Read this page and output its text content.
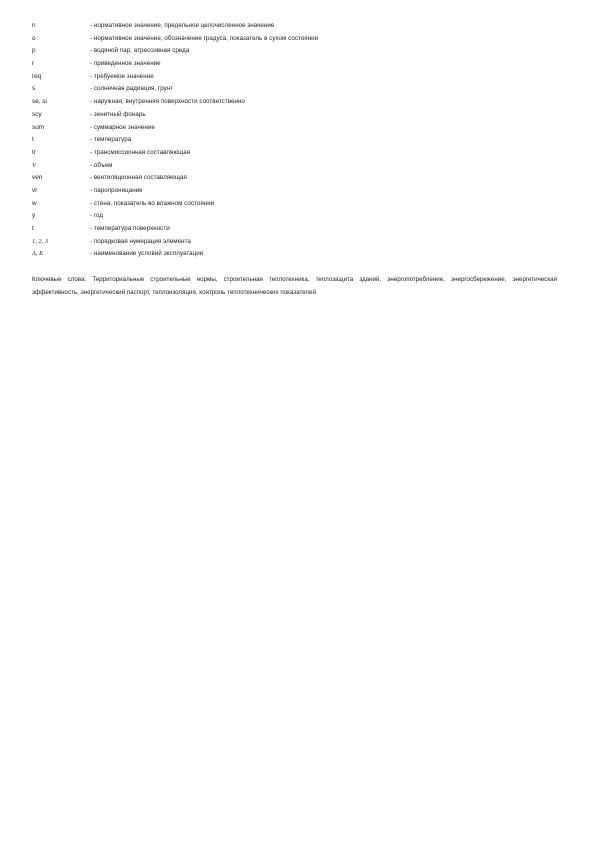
n	- нормативное значение, предельное целочисленное значение
o	- нормативное значение, обозначение градуса, показатель в сухом состоянии
p	- водяной пар, атрессивная среда
r	- приведенное значение
req	- требуемое значение
s	- солнечная радиация, грунт
se, si	- наружная, внутренняя поверхности соответственно
scy	- зенитный фонарь
sum	- суммарное значение
t	- температура
tr	- трансмиссионная составляющая
V	- объем
ven	- вентиляционная составляющая
vr	- паропроницание
w	- стена, показатель во влажном состоянии
y	- год
t	- температура поверхности
1, 2, 3	- порядковая нумерация элемента
А, Б	- наименование условий эксплуатации
Ключевые слова: Территориальные строительные нормы, строительная теплотехника, теплозащита зданий, энергопотребление, энергосбережение, энергетическая эффективность, энергетический паспорт, теплоизоляция, контроль теплотехнических показателей
